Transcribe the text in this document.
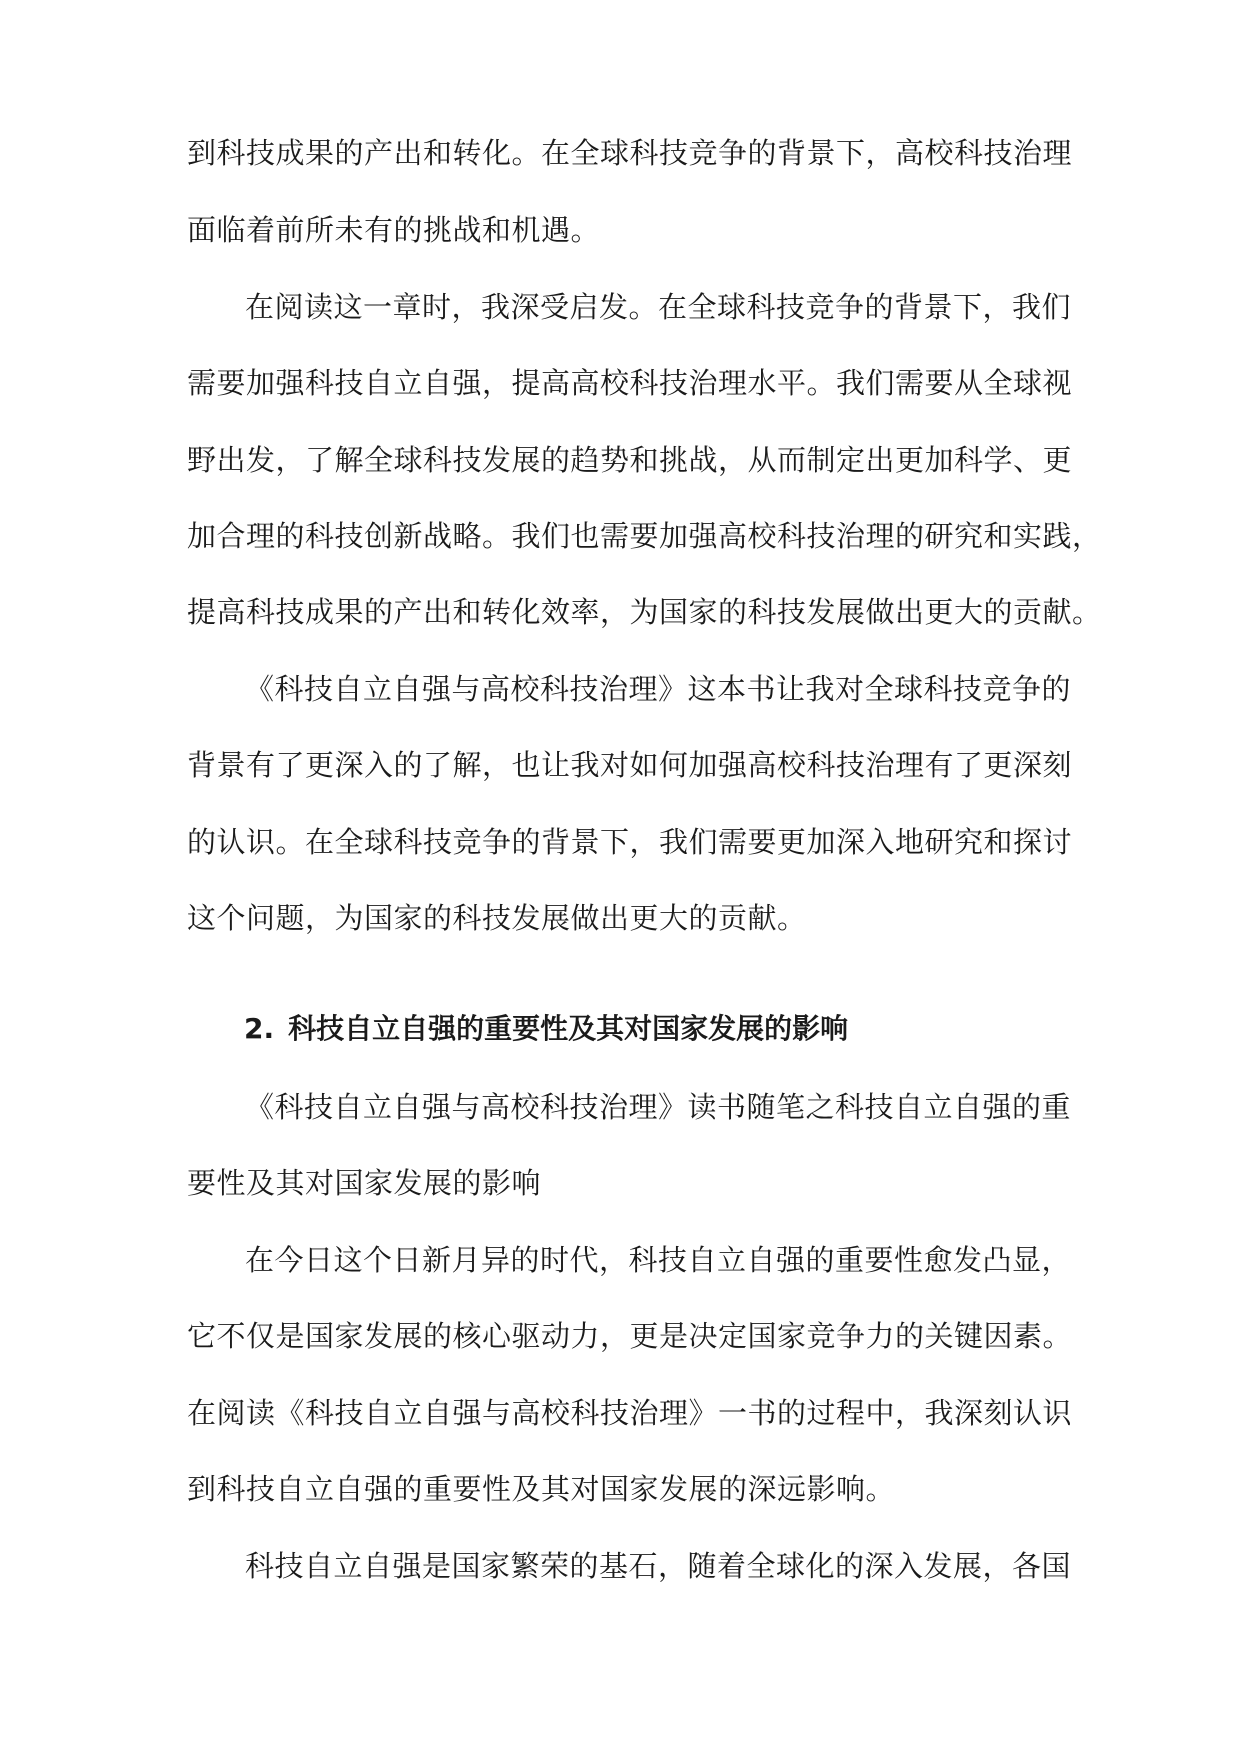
到科技成果的产出和转化。在全球科技竞争的背景下，高校科技治理
面临着前所未有的挑战和机遇。
在阅读这一章时，我深受启发。在全球科技竞争的背景下，我们
需要加强科技自立自强，提高高校科技治理水平。我们需要从全球视
野出发，了解全球科技发展的趋势和挑战，从而制定出更加科学、更
加合理的科技创新战略。我们也需要加强高校科技治理的研究和实践，
提高科技成果的产出和转化效率，为国家的科技发展做出更大的贡献。
《科技自立自强与高校科技治理》这本书让我对全球科技竞争的
背景有了更深入的了解，也让我对如何加强高校科技治理有了更深刻
的认识。在全球科技竞争的背景下，我们需要更加深入地研究和探讨
这个问题，为国家的科技发展做出更大的贡献。
2. 科技自立自强的重要性及其对国家发展的影响
《科技自立自强与高校科技治理》读书随笔之科技自立自强的重
要性及其对国家发展的影响
在今日这个日新月异的时代，科技自立自强的重要性愈发凸显，
它不仅是国家发展的核心驱动力，更是决定国家竞争力的关键因素。
在阅读《科技自立自强与高校科技治理》一书的过程中，我深刻认识
到科技自立自强的重要性及其对国家发展的深远影响。
科技自立自强是国家繁荣的基石，随着全球化的深入发展，各国
